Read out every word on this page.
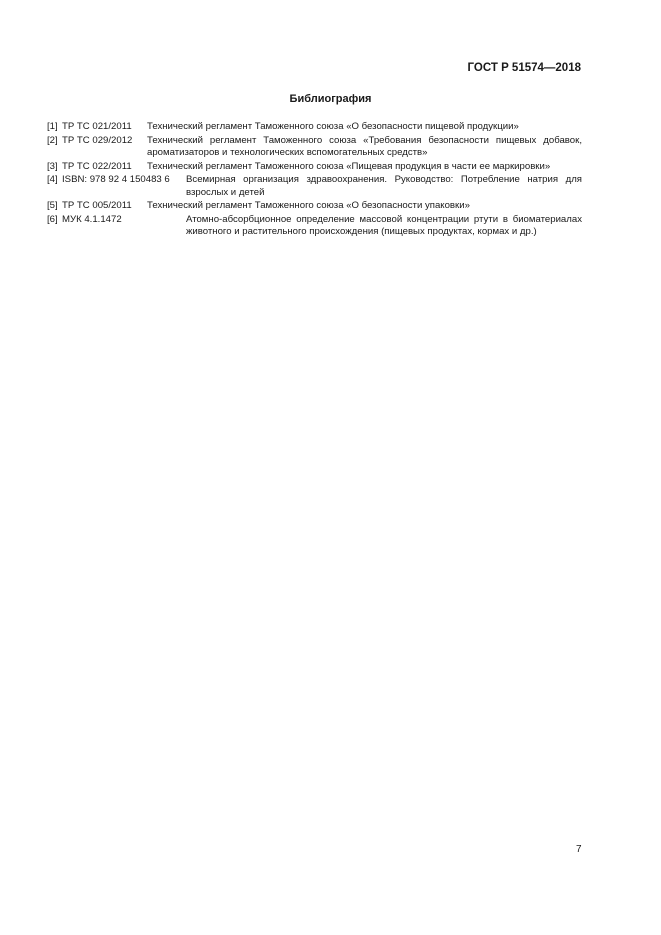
ГОСТ Р 51574—2018
Библиография
[1] ТР ТС 021/2011	Технический регламент Таможенного союза «О безопасности пищевой продукции»
[2] ТР ТС 029/2012	Технический регламент Таможенного союза «Требования безопасности пищевых добавок, ароматизаторов и технологических вспомогательных средств»
[3] ТР ТС 022/2011	Технический регламент Таможенного союза «Пищевая продукция в части ее маркировки»
[4] ISBN: 978 92 4 150483 6	Всемирная организация здравоохранения. Руководство: Потребление натрия для взрослых и детей
[5] ТР ТС 005/2011	Технический регламент Таможенного союза «О безопасности упаковки»
[6] МУК 4.1.1472	Атомно-абсорбционное определение массовой концентрации ртути в биоматериалах животного и растительного происхождения (пищевых продуктах, кормах и др.)
7
